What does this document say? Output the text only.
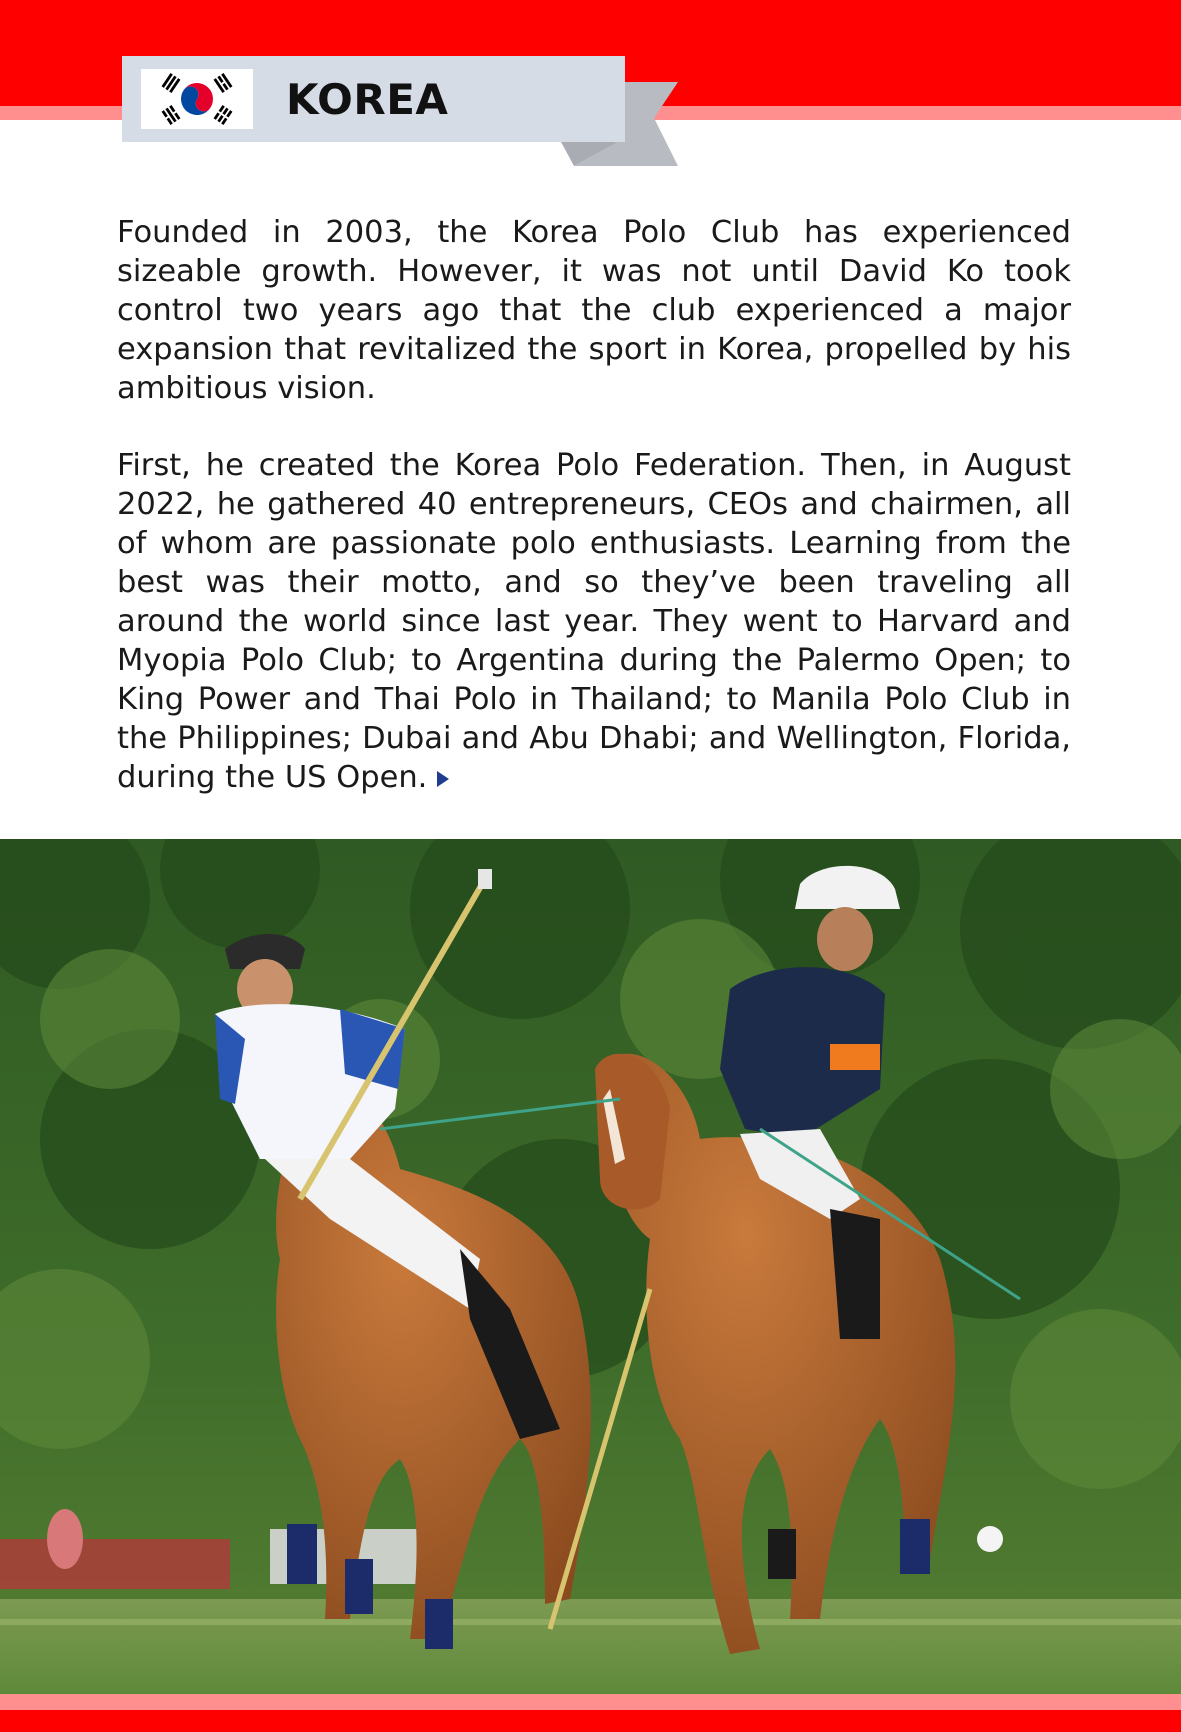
KOREA

Founded in 2003, the Korea Polo Club has experienced sizeable growth. However, it was not until David Ko took control two years ago that the club experienced a major expansion that revitalized the sport in Korea, propelled by his ambitious vision.

First, he created the Korea Polo Federation. Then, in August 2022, he gathered 40 entrepreneurs, CEOs and chairmen, all of whom are passionate polo enthusiasts. Learning from the best was their motto, and so they’ve been traveling all around the world since last year. They went to Harvard and Myopia Polo Club; to Argentina during the Palermo Open; to King Power and Thai Polo in Thailand; to Manila Polo Club in the Philippines; Dubai and Abu Dhabi; and Wellington, Florida, during the US Open.
